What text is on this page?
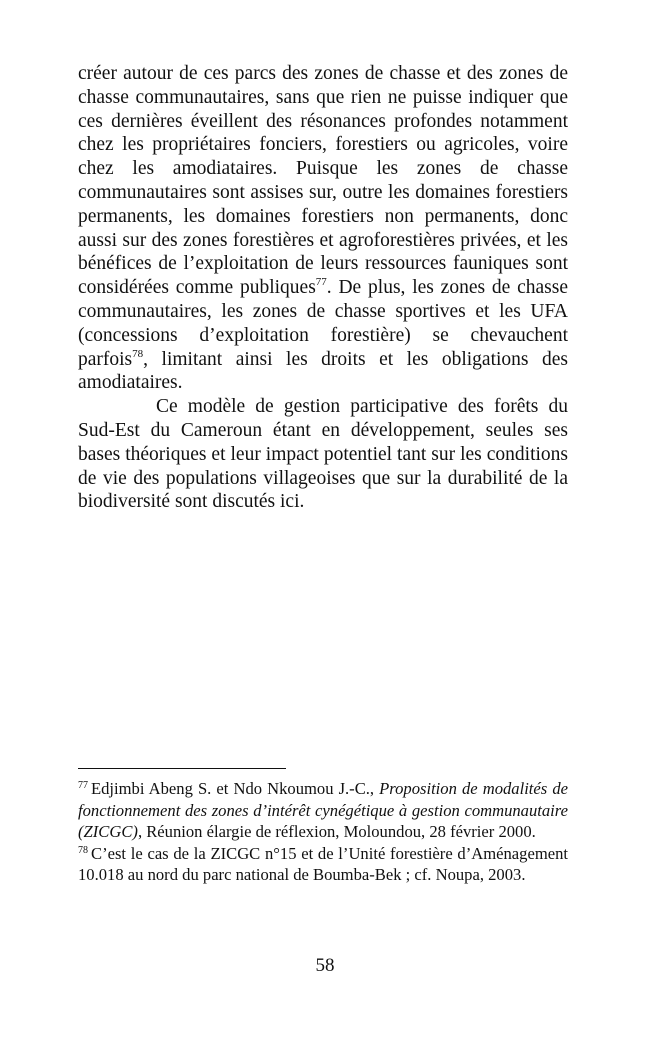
créer autour de ces parcs des zones de chasse et des zones de chasse communautaires, sans que rien ne puisse indiquer que ces dernières éveillent des résonances profondes notamment chez les propriétaires fonciers, forestiers ou agricoles, voire chez les amodiataires. Puisque les zones de chasse communautaires sont assises sur, outre les domaines forestiers permanents, les domaines forestiers non permanents, donc aussi sur des zones forestières et agroforestières privées, et les bénéfices de l’exploitation de leurs ressources fauniques sont considérées comme publiques$^{77}$. De plus, les zones de chasse communautaires, les zones de chasse sportives et les UFA (concessions d’exploitation forestière) se chevauchent parfois$^{78}$, limitant ainsi les droits et les obligations des amodiataires.

Ce modèle de gestion participative des forêts du Sud-Est du Cameroun étant en développement, seules ses bases théoriques et leur impact potentiel tant sur les conditions de vie des populations villageoises que sur la durabilité de la biodiversité sont discutés ici.

$^{77}$ Edjimbi Abeng S. et Ndo Nkoumou J.-C., Proposition de modalités de fonctionnement des zones d’intérêt cynégétique à gestion communautaire (ZICGC), Réunion élargie de réflexion, Moloundou, 28 février 2000.

$^{78}$ C’est le cas de la ZICGC n°15 et de l’Unité forestière d’Aménagement 10.018 au nord du parc national de Boumba-Bek ; cf. Noupa, 2003.

58
